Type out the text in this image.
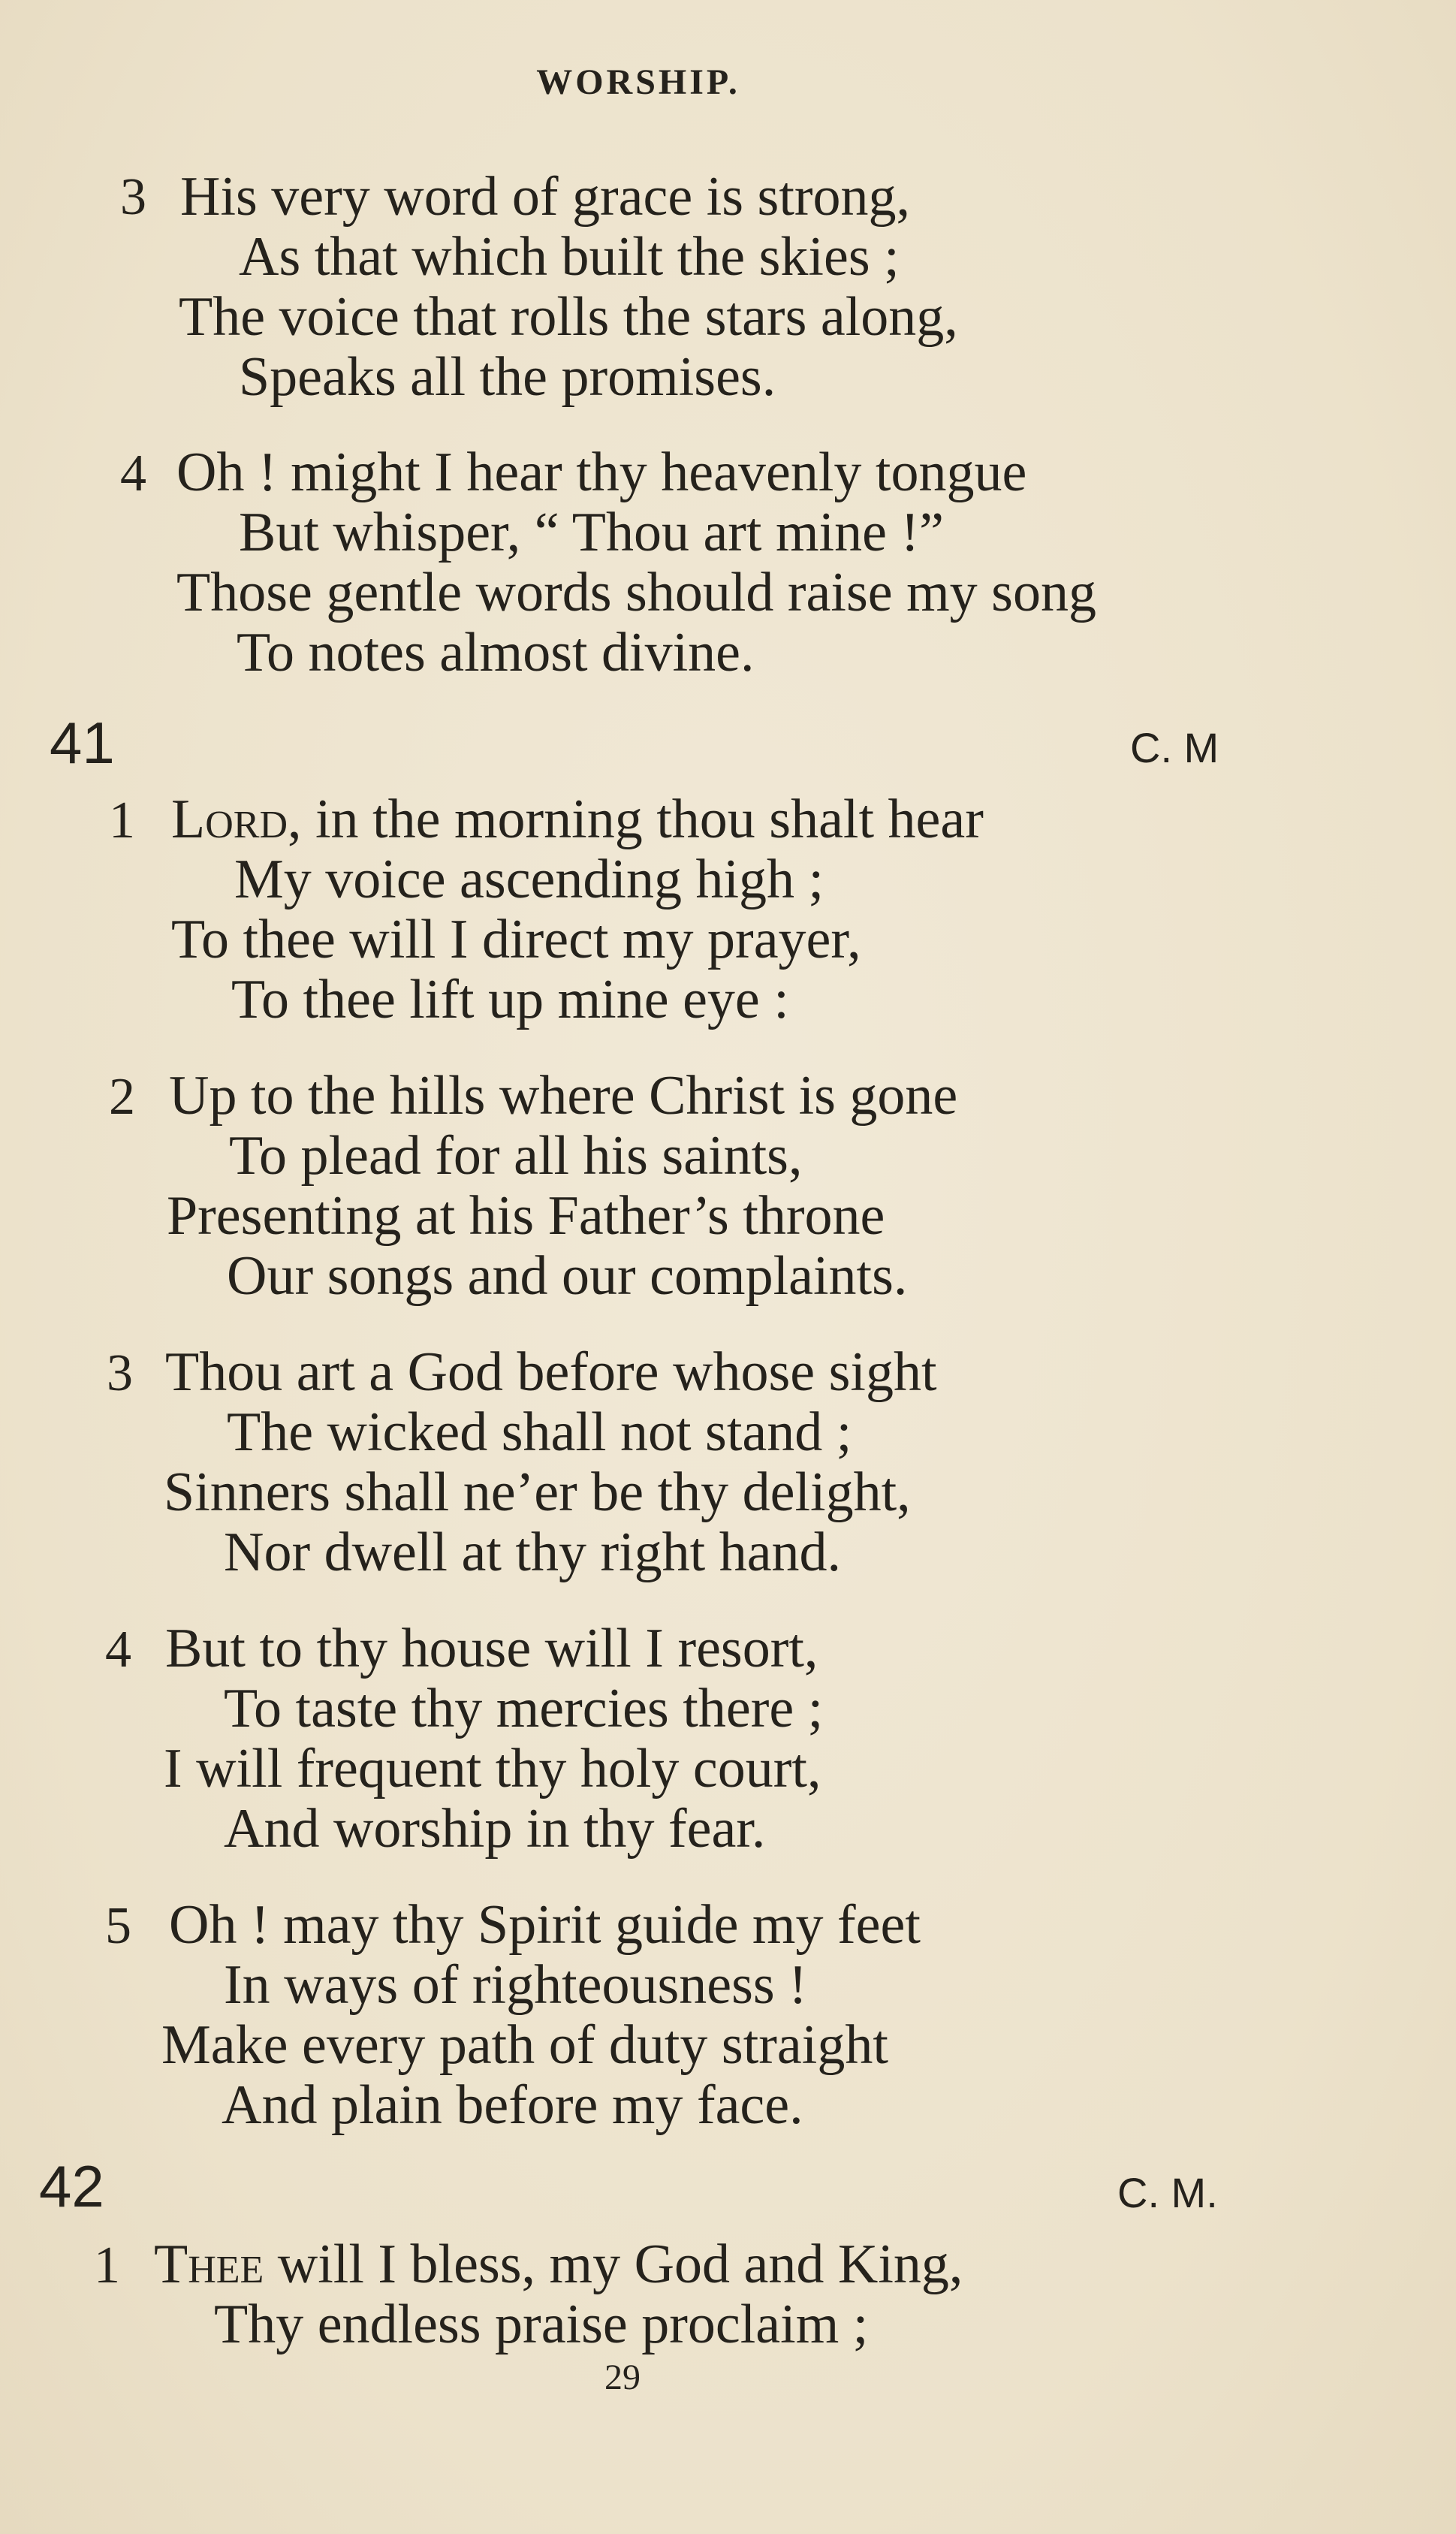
WORSHIP.
3 His very word of grace is strong,
As that which built the skies ;
The voice that rolls the stars along,
Speaks all the promises.
4 Oh ! might I hear thy heavenly tongue
But whisper, “ Thou art mine !”
Those gentle words should raise my song
To notes almost divine.
41	C. M
1 Lord, in the morning thou shalt hear
My voice ascending high ;
To thee will I direct my prayer,
To thee lift up mine eye :
2 Up to the hills where Christ is gone
To plead for all his saints,
Presenting at his Father’s throne
Our songs and our complaints.
3 Thou art a God before whose sight
The wicked shall not stand ;
Sinners shall ne’er be thy delight,
Nor dwell at thy right hand.
4 But to thy house will I resort,
To taste thy mercies there ;
I will frequent thy holy court,
And worship in thy fear.
5 Oh ! may thy Spirit guide my feet
In ways of righteousness !
Make every path of duty straight
And plain before my face.
42	C. M.
1 Thee will I bless, my God and King,
Thy endless praise proclaim ;
29
